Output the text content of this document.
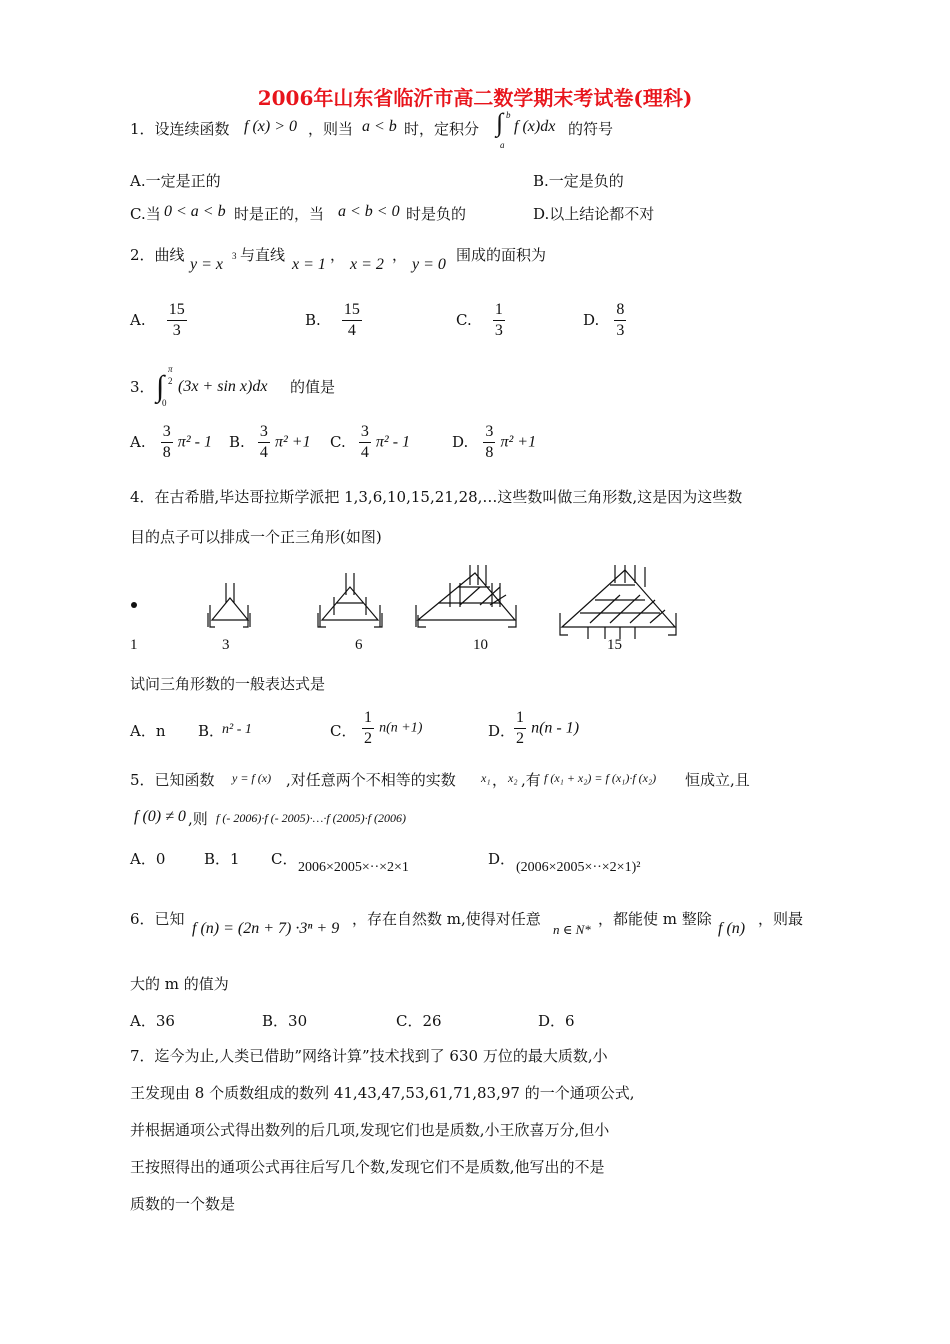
2006年山东省临沂市高二数学期末考试卷(理科)
1．设连续函数 f (x) > 0 ，则当 a < b 时，定积分 ∫ b
a
f (x)dx 的符号
A.一定是正的	B.一定是负的
C.当 0 < a < b 时是正的，当 a < b < 0 时是负的	D.以上结论都不对
2．曲线
y = x 3 与直线
x = 1
，
x = 2
，
y = 0
围成的面积为
A. $\frac{15}{3}$	B. $\frac{15}{4}$	C. $\frac{1}{3}$	D. $\frac{8}{3}$
3． ∫
π
2
0
(3x + sin x)dx 的值是
A. $\frac{3}{8} \pi^2 - 1$ B. $\frac{3}{4} \pi^2 +1$ C. $\frac{3}{4} \pi^2 - 1$	D. $\frac{3}{8} \pi^2 +1$
4．在古希腊,毕达哥拉斯学派把 1,3,6,10,15,21,28,…这些数叫做三角形数,这是因为这些数
目的点子可以排成一个正三角形(如图)
1	3	6	10	15
试问三角形数的一般表达式是
A．n B．
n² - 1	C． $\frac{1}{2} n(n +1)$	D．
$\frac{1}{2} n(n - 1)$
5．已知函数 y = f (x) ,对任意两个不相等的实数 x₁ ， x₂ ,有 f (x₁ + x₂) = f (x₁)·f (x₂) 恒成立,且
f (0) ≠ 0 ,则 f (- 2006)·f (- 2005)·…·f (2005)·f (2006)
A．0	B．1 C． 2006×2005×··×2×1	D． (2006×2005×··×2×1)²
6．已知
f (n) = (2n + 7) ·3ⁿ + 9
，存在自然数 m,使得对任意
n ∈ N*
，都能使 m 整除
f (n)
，则最
大的 m 的值为
A．36	B．30	C．26	D．6
7．迄今为止,人类已借助”网络计算”技术找到了 630 万位的最大质数,小
王发现由 8 个质数组成的数列 41,43,47,53,61,71,83,97 的一个通项公式,
并根据通项公式得出数列的后几项,发现它们也是质数,小王欣喜万分,但小
王按照得出的通项公式再往后写几个数,发现它们不是质数,他写出的不是
质数的一个数是
